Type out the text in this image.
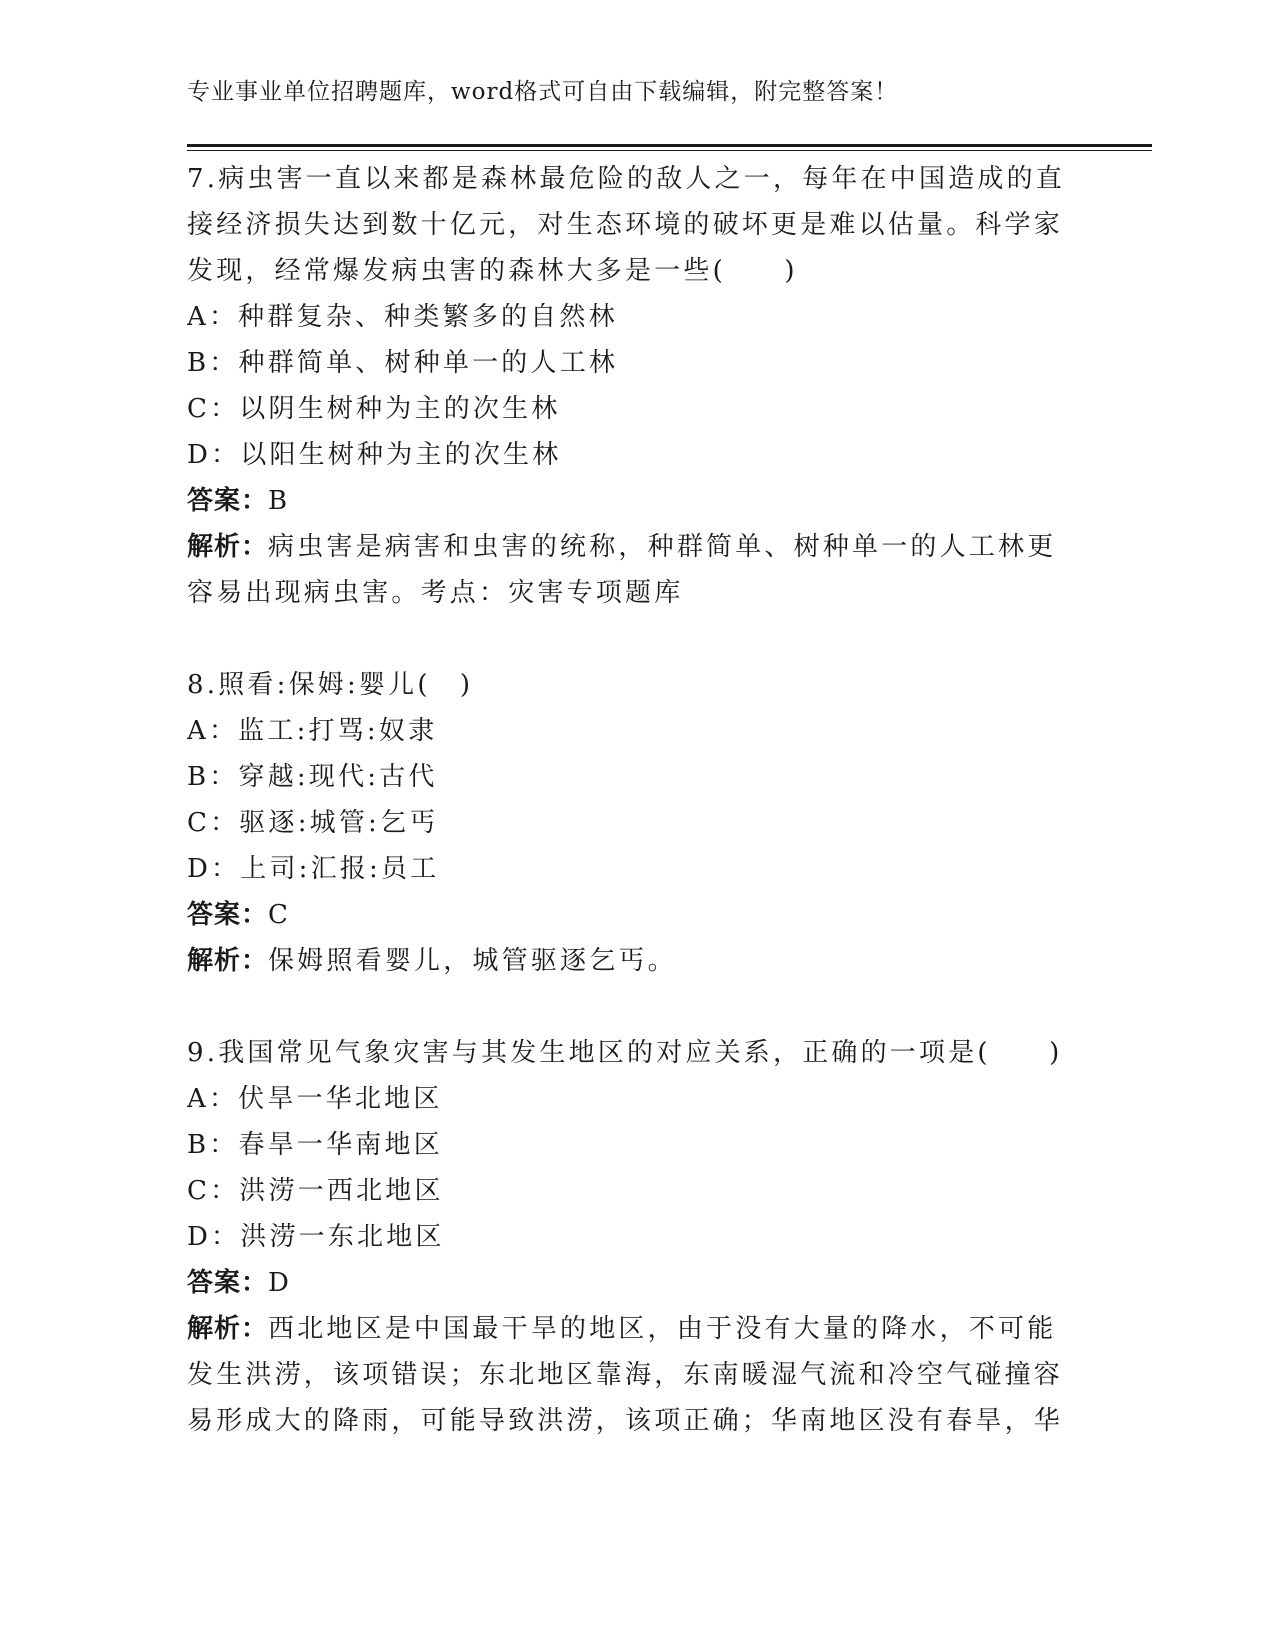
专业事业单位招聘题库，word格式可自由下载编辑，附完整答案！
7.病虫害一直以来都是森林最危险的敌人之一，每年在中国造成的直
接经济损失达到数十亿元，对生态环境的破坏更是难以估量。科学家
发现，经常爆发病虫害的森林大多是一些(　　)
A：种群复杂、种类繁多的自然林
B：种群简单、树种单一的人工林
C：以阴生树种为主的次生林
D：以阳生树种为主的次生林
答案：B
解析：病虫害是病害和虫害的统称，种群简单、树种单一的人工林更
容易出现病虫害。考点：灾害专项题库
8.照看:保姆:婴儿(　)
A：监工:打骂:奴隶
B：穿越:现代:古代
C：驱逐:城管:乞丐
D：上司:汇报:员工
答案：C
解析：保姆照看婴儿，城管驱逐乞丐。
9.我国常见气象灾害与其发生地区的对应关系，正确的一项是(　　)
A：伏旱一华北地区
B：春旱一华南地区
C：洪涝一西北地区
D：洪涝一东北地区
答案：D
解析：西北地区是中国最干旱的地区，由于没有大量的降水，不可能
发生洪涝，该项错误；东北地区靠海，东南暖湿气流和冷空气碰撞容
易形成大的降雨，可能导致洪涝，该项正确；华南地区没有春旱，华
